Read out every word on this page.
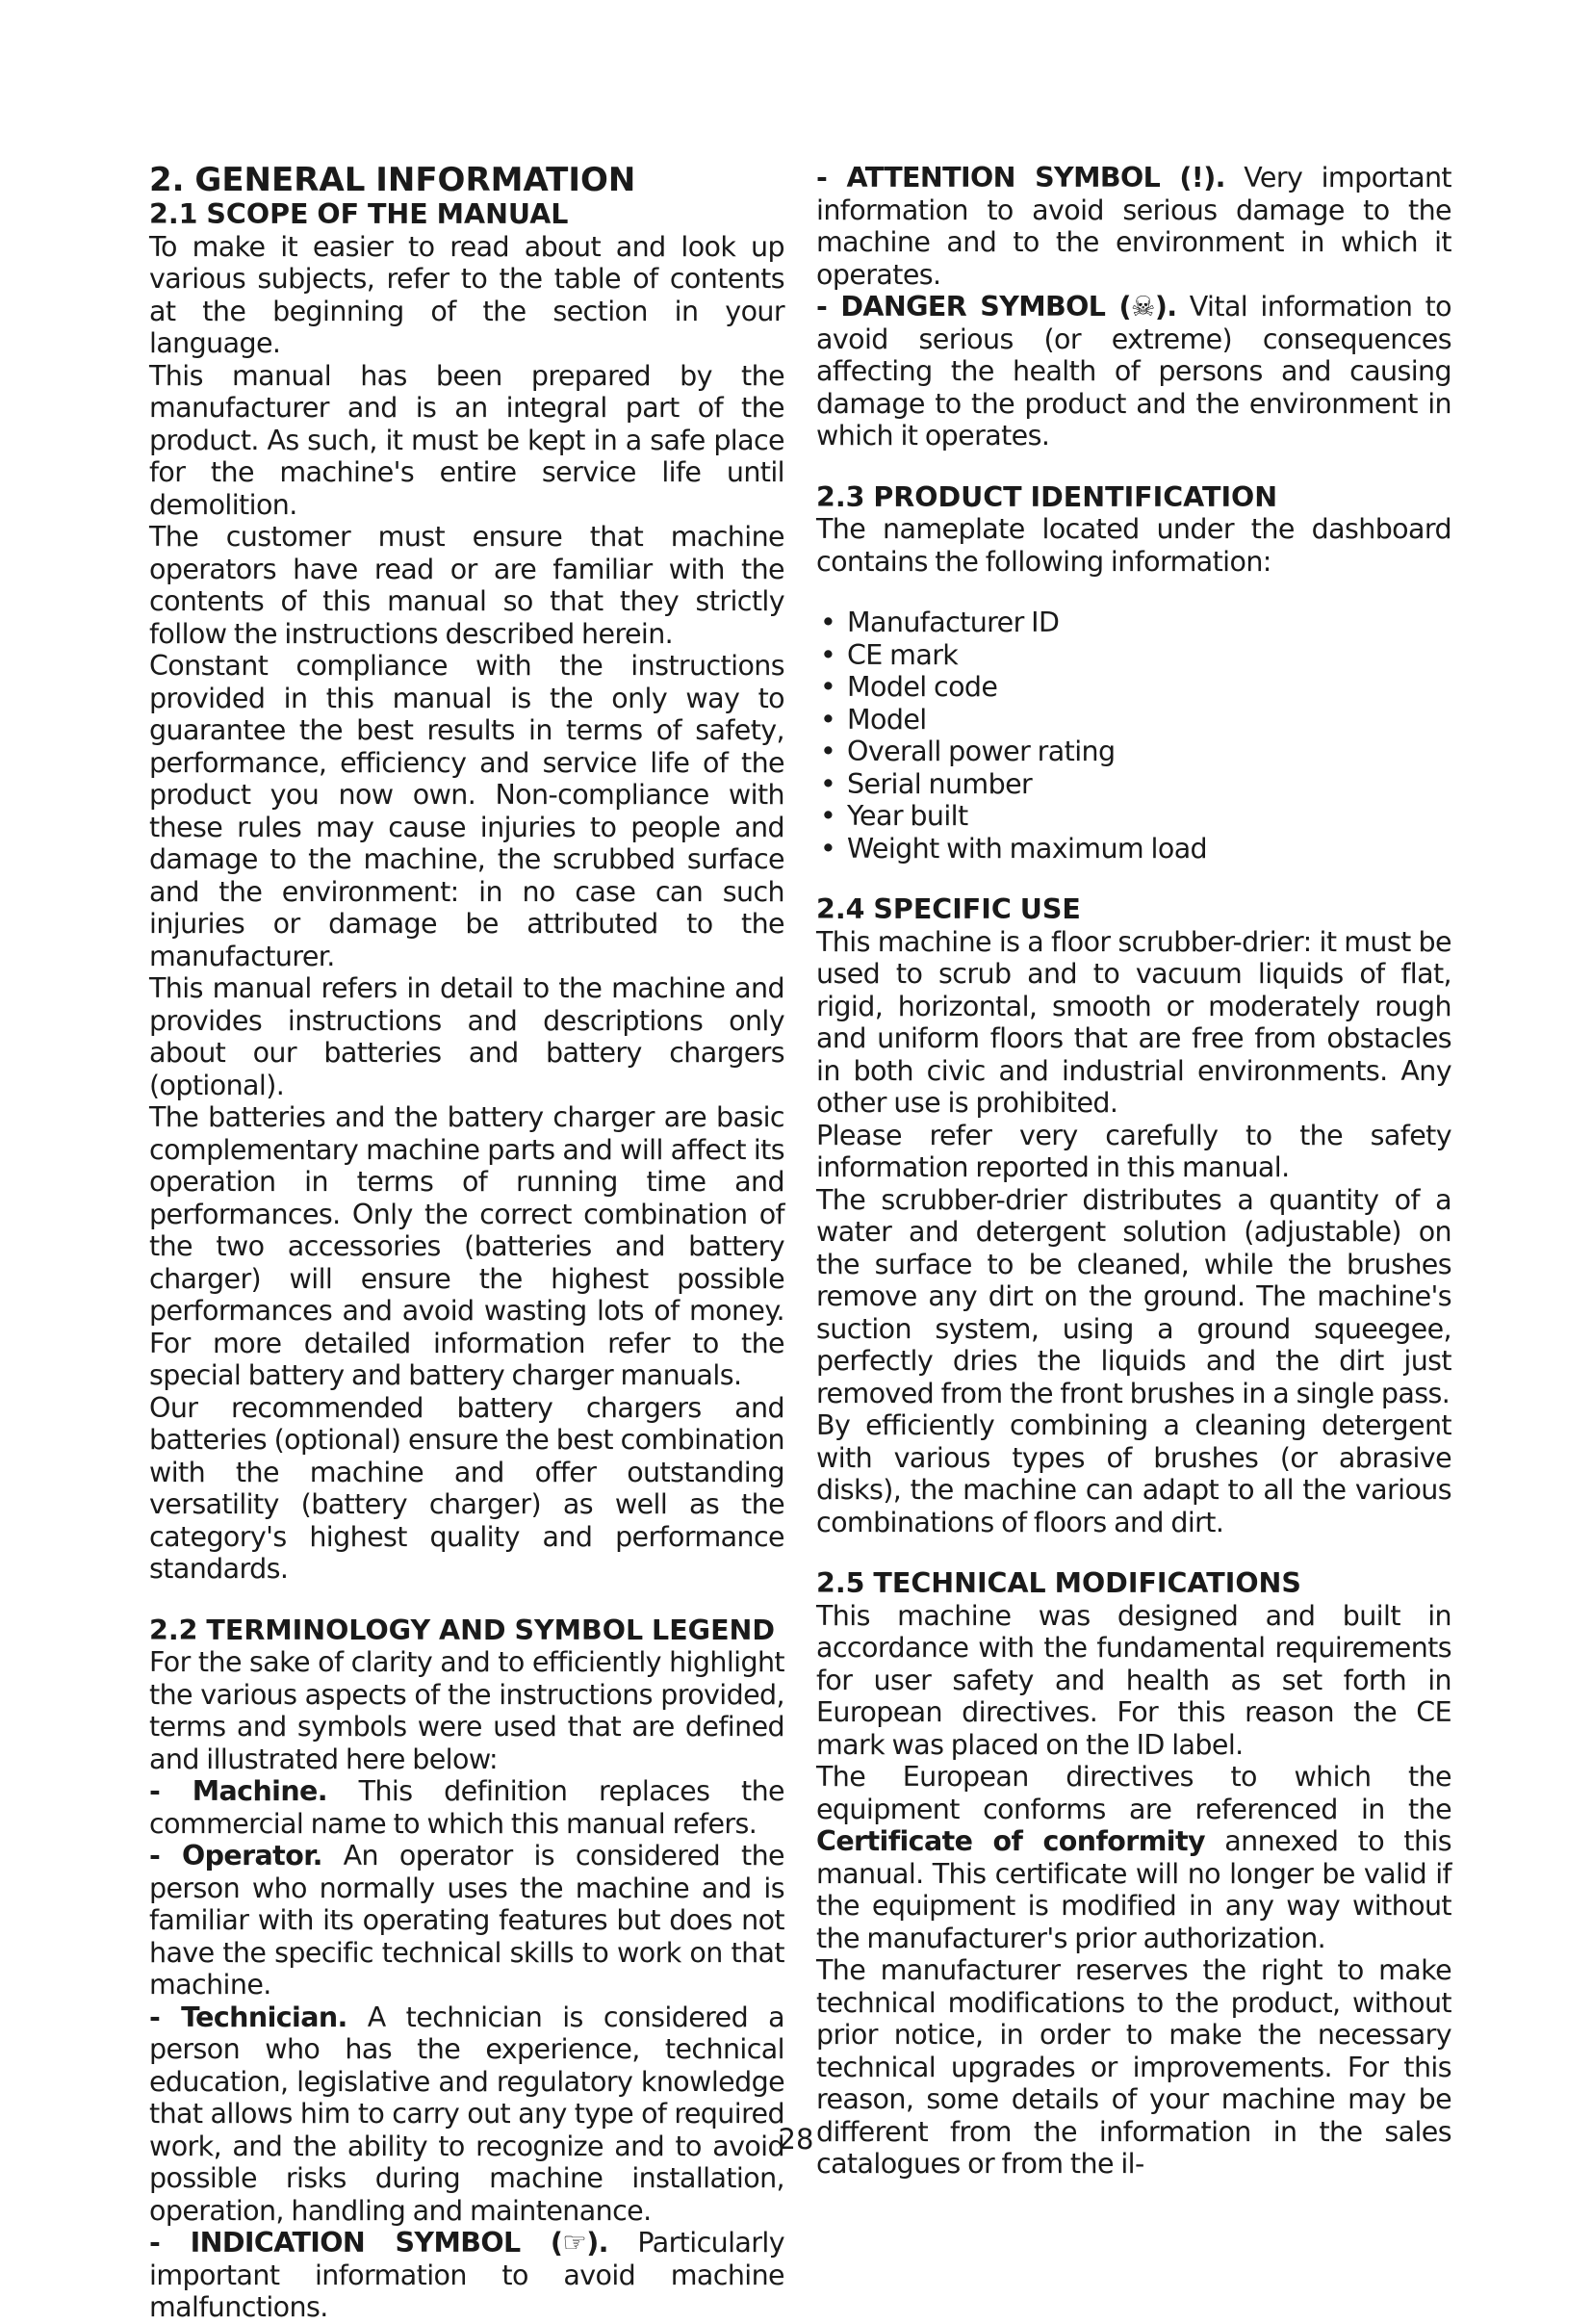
2. GENERAL INFORMATION
2.1 SCOPE OF THE MANUAL

To make it easier to read about and look up various subjects, refer to the table of contents at the beginning of the section in your language.

This manual has been prepared by the manufacturer and is an integral part of the product. As such, it must be kept in a safe place for the machine's entire service life until demolition.

The customer must ensure that machine operators have read or are familiar with the contents of this manual so that they strictly follow the instructions described herein.

Constant compliance with the instructions provided in this manual is the only way to guarantee the best results in terms of safety, performance, efficiency and service life of the product you now own. Non-compliance with these rules may cause injuries to people and damage to the machine, the scrubbed surface and the environment: in no case can such injuries or damage be attributed to the manufacturer.

This manual refers in detail to the machine and provides instructions and descriptions only about our batteries and battery chargers (optional).

The batteries and the battery charger are basic complementary machine parts and will affect its operation in terms of running time and performances. Only the correct combination of the two accessories (batteries and battery charger) will ensure the highest possible performances and avoid wasting lots of money. For more detailed information refer to the special battery and battery charger manuals.

Our recommended battery chargers and batteries (optional) ensure the best combination with the machine and offer outstanding versatility (battery charger) as well as the category's highest quality and performance standards.

2.2 TERMINOLOGY AND SYMBOL LEGEND

For the sake of clarity and to efficiently highlight the various aspects of the instructions provided, terms and symbols were used that are defined and illustrated here below:

- Machine. This definition replaces the commercial name to which this manual refers.

- Operator. An operator is considered the person who normally uses the machine and is familiar with its operating features but does not have the specific technical skills to work on that machine.

- Technician. A technician is considered a person who has the experience, technical education, legislative and regulatory knowledge that allows him to carry out any type of required work, and the ability to recognize and to avoid possible risks during machine installation, operation, handling and maintenance.

- INDICATION SYMBOL (☞). Particularly important information to avoid machine malfunctions.

- ATTENTION SYMBOL (!). Very important information to avoid serious damage to the machine and to the environment in which it operates.

- DANGER SYMBOL (☠). Vital information to avoid serious (or extreme) consequences affecting the health of persons and causing damage to the product and the environment in which it operates.

2.3 PRODUCT IDENTIFICATION

The nameplate located under the dashboard contains the following information:

• Manufacturer ID
• CE mark
• Model code
• Model
• Overall power rating
• Serial number
• Year built
• Weight with maximum load
2.4 SPECIFIC USE

This machine is a floor scrubber-drier: it must be used to scrub and to vacuum liquids of flat, rigid, horizontal, smooth or moderately rough and uniform floors that are free from obstacles in both civic and industrial environments. Any other use is prohibited.

Please refer very carefully to the safety information reported in this manual.

The scrubber-drier distributes a quantity of a water and detergent solution (adjustable) on the surface to be cleaned, while the brushes remove any dirt on the ground. The machine's suction system, using a ground squeegee, perfectly dries the liquids and the dirt just removed from the front brushes in a single pass.

By efficiently combining a cleaning detergent with various types of brushes (or abrasive disks), the machine can adapt to all the various combinations of floors and dirt.

2.5 TECHNICAL MODIFICATIONS

This machine was designed and built in accordance with the fundamental requirements for user safety and health as set forth in European directives. For this reason the CE mark was placed on the ID label.

The European directives to which the equipment conforms are referenced in the Certificate of conformity annexed to this manual. This certificate will no longer be valid if the equipment is modified in any way without the manufacturer's prior authorization.

The manufacturer reserves the right to make technical modifications to the product, without prior notice, in order to make the necessary technical upgrades or improvements. For this reason, some details of your machine may be different from the information in the sales catalogues or from the il-

28
